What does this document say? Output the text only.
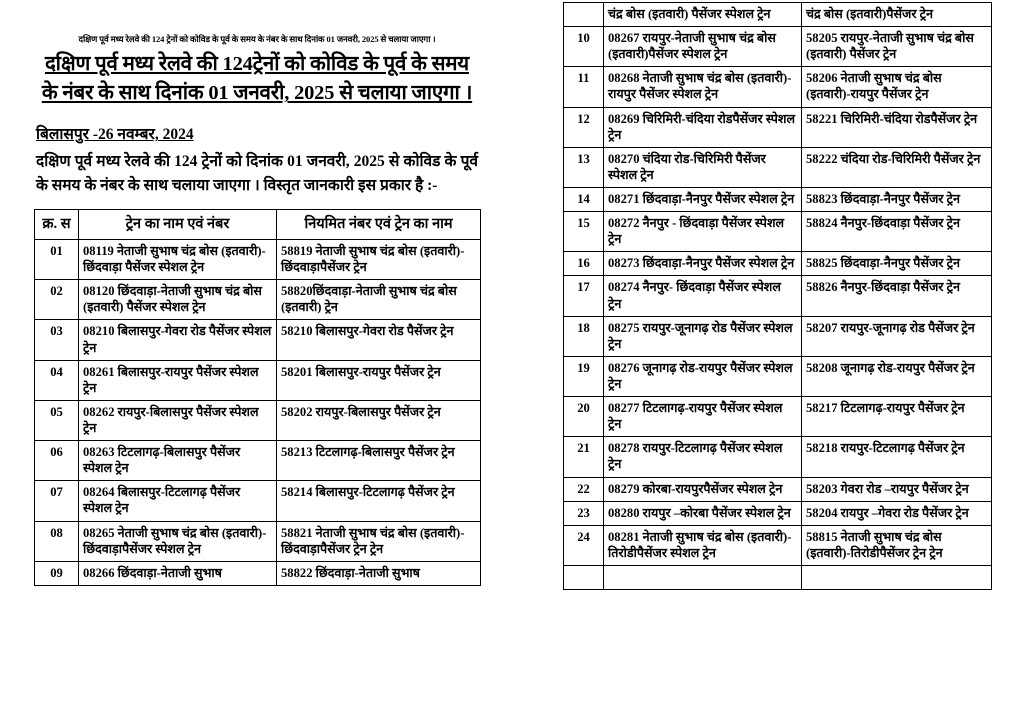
दक्षिण पूर्व मध्य रेलवे की 124 ट्रेनों को कोविड के पूर्व के समय के नंबर के साथ दिनांक 01 जनवरी, 2025 से चलाया जाएगा ।
दक्षिण पूर्व मध्य रेलवे की 124ट्रेनों को कोविड के पूर्व के समय के नंबर के साथ दिनांक 01 जनवरी, 2025 से चलाया जाएगा ।
बिलासपुर -26 नवम्बर, 2024
दक्षिण पूर्व मध्य रेलवे की 124 ट्रेनों को दिनांक 01 जनवरी, 2025 से कोविड के पूर्व के समय के नंबर के साथ चलाया जाएगा । विस्तृत जानकारी इस प्रकार है :-
क्र. स	ट्रेन का नाम एवं नंबर	नियमित नंबर एवं ट्रेन का नाम
01	08119 नेताजी सुभाष चंद्र बोस (इतवारी)-छिंदवाड़ा पैसेंजर स्पेशल ट्रेन	58819 नेताजी सुभाष चंद्र बोस (इतवारी)-छिंदवाड़ापैसेंजर ट्रेन
02	08120 छिंदवाड़ा-नेताजी सुभाष चंद्र बोस (इतवारी) पैसेंजर स्पेशल ट्रेन	58820छिंदवाड़ा-नेताजी सुभाष चंद्र बोस (इतवारी) ट्रेन
03	08210 बिलासपुर-गेवरा रोड पैसेंजर स्पेशल ट्रेन	58210 बिलासपुर-गेवरा रोड पैसेंजर ट्रेन
04	08261 बिलासपुर-रायपुर पैसेंजर स्पेशल ट्रेन	58201 बिलासपुर-रायपुर पैसेंजर ट्रेन
05	08262 रायपुर-बिलासपुर पैसेंजर स्पेशल ट्रेन	58202 रायपुर-बिलासपुर पैसेंजर ट्रेन
06	08263 टिटलागढ़-बिलासपुर पैसेंजर स्पेशल ट्रेन	58213 टिटलागढ़-बिलासपुर पैसेंजर ट्रेन
07	08264 बिलासपुर-टिटलागढ़ पैसेंजर स्पेशल ट्रेन	58214 बिलासपुर-टिटलागढ़ पैसेंजर ट्रेन
08	08265 नेताजी सुभाष चंद्र बोस (इतवारी)-छिंदवाड़ापैसेंजर स्पेशल ट्रेन	58821 नेताजी सुभाष चंद्र बोस (इतवारी)-छिंदवाड़ापैसेंजर ट्रेन ट्रेन
09	08266 छिंदवाड़ा-नेताजी सुभाष	58822 छिंदवाड़ा-नेताजी सुभाष
	चंद्र बोस (इतवारी) पैसेंजर स्पेशल ट्रेन	चंद्र बोस (इतवारी)पैसेंजर ट्रेन
10	08267 रायपुर-नेताजी सुभाष चंद्र बोस (इतवारी)पैसेंजर स्पेशल ट्रेन	58205 रायपुर-नेताजी सुभाष चंद्र बोस (इतवारी) पैसेंजर ट्रेन
11	08268 नेताजी सुभाष चंद्र बोस (इतवारी)-रायपुर पैसेंजर स्पेशल ट्रेन	58206 नेताजी सुभाष चंद्र बोस (इतवारी)-रायपुर पैसेंजर ट्रेन
12	08269 चिरिमिरी-चंदिया रोडपैसेंजर स्पेशल ट्रेन	58221 चिरिमिरी-चंदिया रोडपैसेंजर ट्रेन
13	08270 चंदिया रोड-चिरिमिरी पैसेंजर स्पेशल ट्रेन	58222 चंदिया रोड-चिरिमिरी पैसेंजर ट्रेन
14	08271 छिंदवाड़ा-नैनपुर पैसेंजर स्पेशल ट्रेन	58823 छिंदवाड़ा-नैनपुर पैसेंजर ट्रेन
15	08272 नैनपुर - छिंदवाड़ा पैसेंजर स्पेशल ट्रेन	58824 नैनपुर-छिंदवाड़ा पैसेंजर ट्रेन
16	08273 छिंदवाड़ा-नैनपुर पैसेंजर स्पेशल ट्रेन	58825 छिंदवाड़ा-नैनपुर पैसेंजर ट्रेन
17	08274 नैनपुर- छिंदवाड़ा पैसेंजर स्पेशल ट्रेन	58826 नैनपुर-छिंदवाड़ा पैसेंजर ट्रेन
18	08275 रायपुर-जूनागढ़ रोड पैसेंजर स्पेशल ट्रेन	58207 रायपुर-जूनागढ़ रोड पैसेंजर ट्रेन
19	08276 जूनागढ़ रोड-रायपुर पैसेंजर स्पेशल ट्रेन	58208 जूनागढ़ रोड-रायपुर पैसेंजर ट्रेन
20	08277 टिटलागढ़-रायपुर पैसेंजर स्पेशल ट्रेन	58217 टिटलागढ़-रायपुर पैसेंजर ट्रेन
21	08278 रायपुर-टिटलागढ़ पैसेंजर स्पेशल ट्रेन	58218 रायपुर-टिटलागढ़ पैसेंजर ट्रेन
22	08279 कोरबा-रायपुरपैसेंजर स्पेशल ट्रेन	58203 गेवरा रोड –रायपुर पैसेंजर ट्रेन
23	08280 रायपुर –कोरबा पैसेंजर स्पेशल ट्रेन	58204 रायपुर –गेवरा रोड पैसेंजर ट्रेन
24	08281 नेताजी सुभाष चंद्र बोस (इतवारी)-तिरोडीपैसेंजर स्पेशल ट्रेन	58815 नेताजी सुभाष चंद्र बोस (इतवारी)-तिरोडीपैसेंजर ट्रेन ट्रेन
